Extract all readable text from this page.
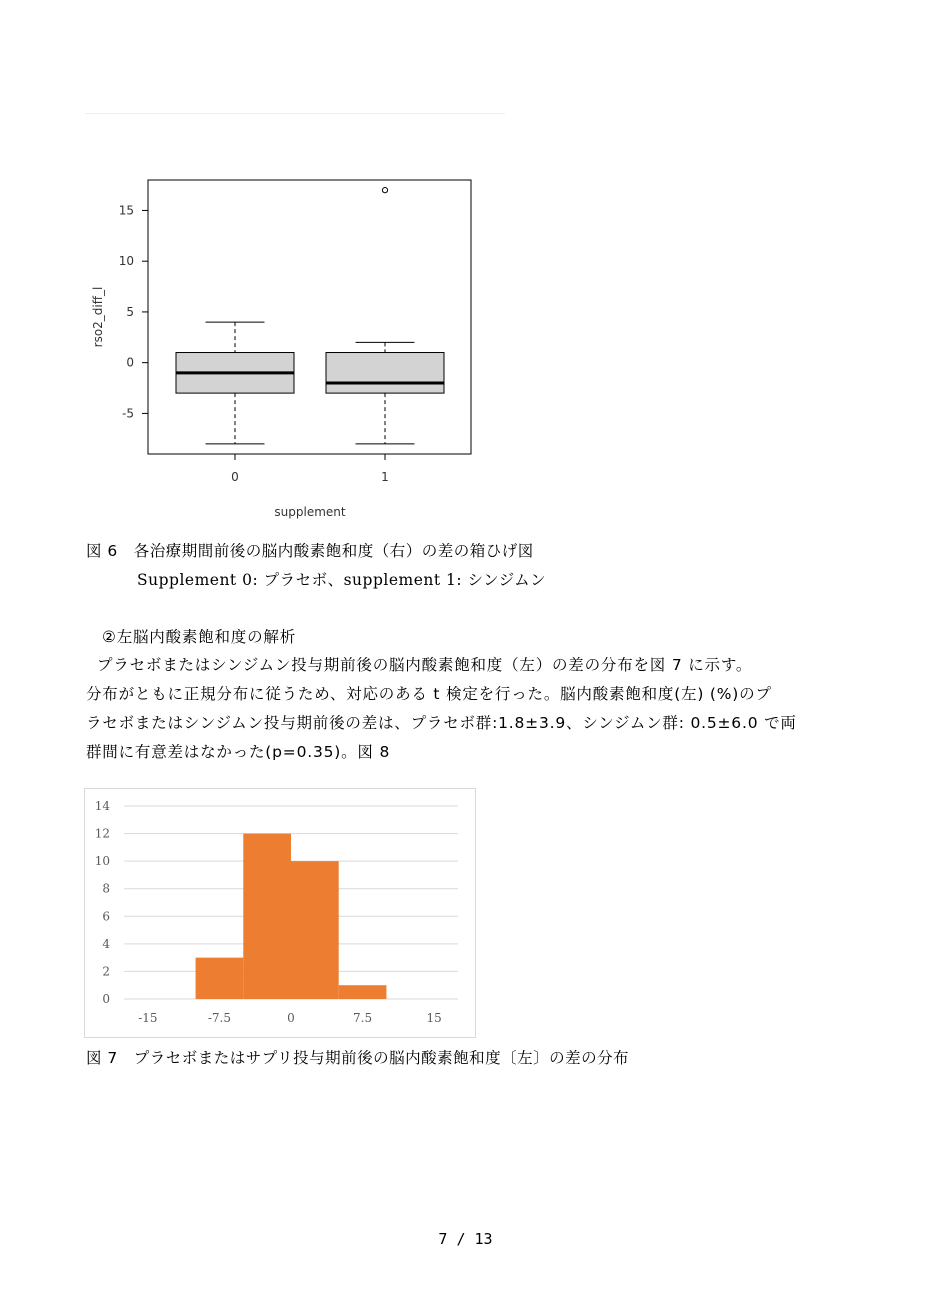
15
10
5
0
-5
0	1
supplement
rso2_diff_l
図 6　各治療期間前後の脳内酸素飽和度（右）の差の箱ひげ図
Supplement 0: プラセボ、supplement 1: シンジムン
②左脳内酸素飽和度の解析
プラセボまたはシンジムン投与期前後の脳内酸素飽和度（左）の差の分布を図 7 に示す。
分布がともに正規分布に従うため、対応のある t 検定を行った。脳内酸素飽和度(左) (%)のプ
ラセボまたはシンジムン投与期前後の差は、プラセボ群:1.8±3.9、シンジムン群: 0.5±6.0 で両
群間に有意差はなかった(p=0.35)。図 8
14
12
10
8
6
4
2
0
-15	-7.5	0	7.5	15
図 7　プラセボまたはサプリ投与期前後の脳内酸素飽和度〔左〕の差の分布
7 / 13
